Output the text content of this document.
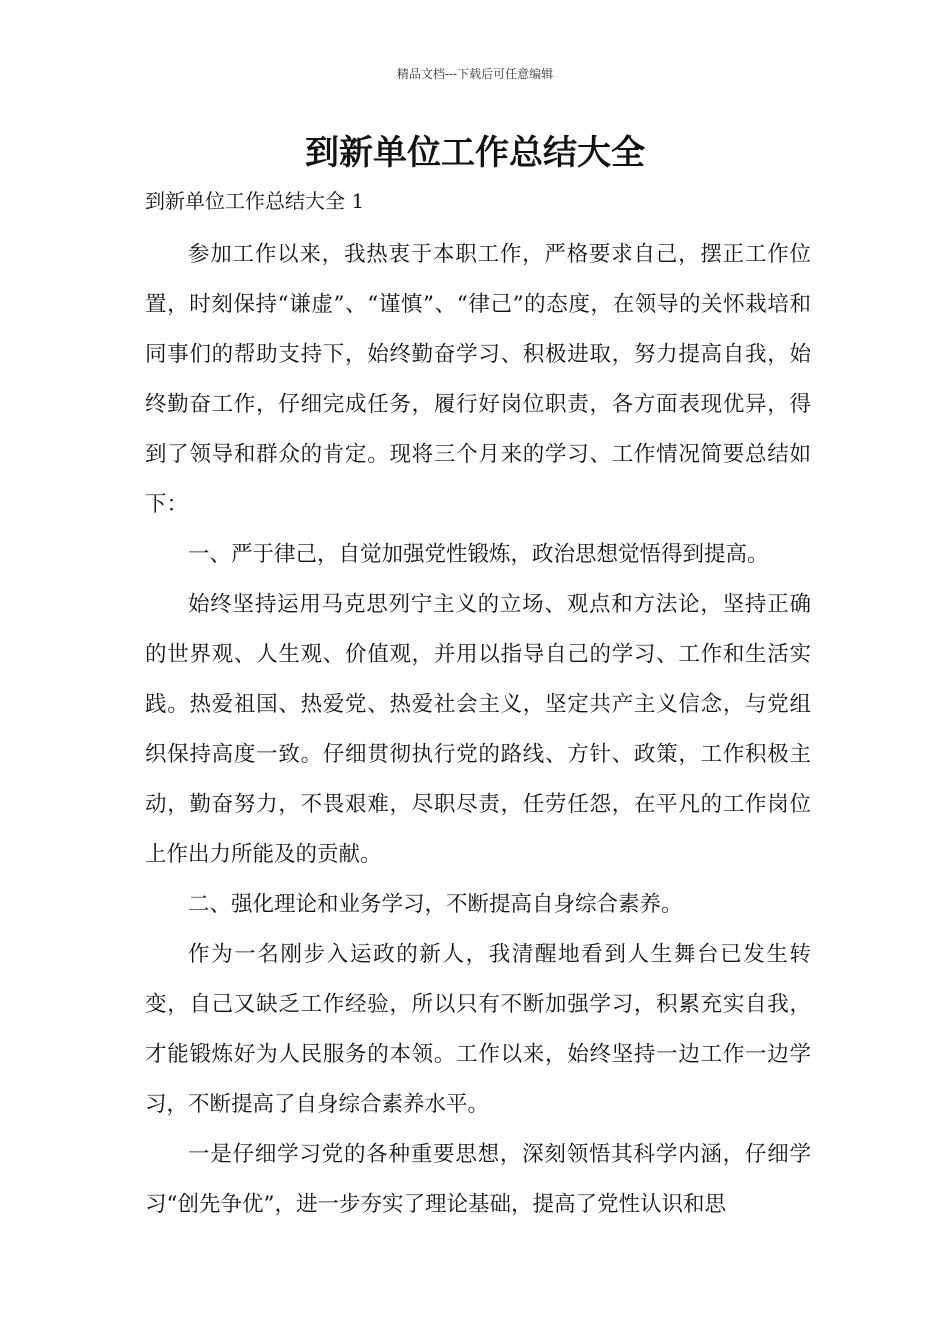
精品文档---下载后可任意编辑
到新单位工作总结大全
到新单位工作总结大全 1

参加工作以来，我热衷于本职工作，严格要求自己，摆正工作位置，时刻保持“谦虚”、“谨慎”、“律己”的态度，在领导的关怀栽培和同事们的帮助支持下，始终勤奋学习、积极进取，努力提高自我，始终勤奋工作，仔细完成任务，履行好岗位职责，各方面表现优异，得到了领导和群众的肯定。现将三个月来的学习、工作情况简要总结如下：

一、严于律己，自觉加强党性锻炼，政治思想觉悟得到提高。

始终坚持运用马克思列宁主义的立场、观点和方法论，坚持正确的世界观、人生观、价值观，并用以指导自己的学习、工作和生活实践。热爱祖国、热爱党、热爱社会主义，坚定共产主义信念，与党组织保持高度一致。仔细贯彻执行党的路线、方针、政策，工作积极主动，勤奋努力，不畏艰难，尽职尽责，任劳任怨，在平凡的工作岗位上作出力所能及的贡献。

二、强化理论和业务学习，不断提高自身综合素养。

作为一名刚步入运政的新人，我清醒地看到人生舞台已发生转变，自己又缺乏工作经验，所以只有不断加强学习，积累充实自我，才能锻炼好为人民服务的本领。工作以来，始终坚持一边工作一边学习，不断提高了自身综合素养水平。

一是仔细学习党的各种重要思想，深刻领悟其科学内涵，仔细学习“创先争优”，进一步夯实了理论基础，提高了党性认识和思
